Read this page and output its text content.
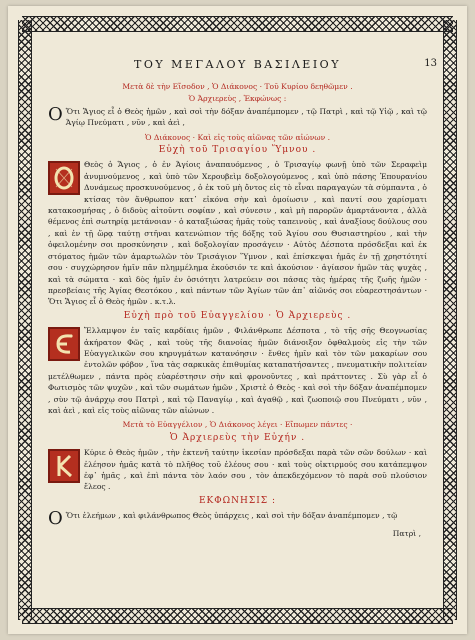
ΤΟΥ ΜΕΓΑΛΟΥ ΒΑΣΙΛΕΙΟΥ	13
Μετὰ δὲ τὴν Εἴσοδον , Ὁ Διάκονος · Τοῦ Κυρίου δεηθῶμεν .
Ὁ Ἀρχιερεὺς , Ἐκφώνως :

O Ὅτι Ἅγιος εἶ ὁ Θεὸς ἡμῶν , καὶ σοὶ τὴν δόξαν ἀναπέμπομεν , τῷ Πατρὶ , καὶ τῷ Υἱῷ , καὶ τῷ Ἁγίῳ Πνεύματι , νῦν , καὶ ἀεὶ ,

Ὁ Διάκονος · Καὶ εἰς τοὺς αἰῶνας τῶν αἰώνων .
Εὐχὴ τοῦ Τρισαγίου Ὕμνου .

Θεὸς ὁ Ἅγιος , ὁ ἐν Ἁγίοις ἀναπαυόμενος , ὁ Τρισαγίῳ φωνῇ ὑπὸ τῶν Σεραφεὶμ ἀνυμνούμενος , καὶ ὑπὸ τῶν Χερουβεὶμ δοξολογούμενος , καὶ ὑπὸ πάσης Ἐπουρανίου Δυνάμεως προσκυνούμενος , ὁ ἐκ τοῦ μὴ ὄντος εἰς τὸ εἶναι παραγαγὼν τὰ σύμπαντα , ὁ κτίσας τὸν ἄνθρωπον κατ᾽ εἰκόνα σὴν καὶ ὁμοίωσιν , καὶ παντί σου χαρίσματι κατακοσμήσας , ὁ διδοὺς αἰτοῦντι σοφίαν , καὶ σύνεσιν , καὶ μὴ παρορῶν ἁμαρτάνοντα , ἀλλὰ θέμενος ἐπὶ σωτηρίᾳ μετάνοιαν · ὁ καταξιώσας ἡμᾶς τοὺς ταπεινοὺς , καὶ ἀναξίους δούλους σου , καὶ ἐν τῇ ὥρᾳ ταύτῃ στῆναι κατενώπιον τῆς δόξης τοῦ Ἁγίου σου Θυσιαστηρίου , καὶ τὴν ὀφειλομένην σοι προσκύνησιν , καὶ δοξολογίαν προσάγειν · Αὐτὸς Δέσποτα πρόσδεξαι καὶ ἐκ στόματος ἡμῶν τῶν ἁμαρτωλῶν τὸν Τρισάγιον Ὕμνον , καὶ ἐπίσκεψαι ἡμᾶς ἐν τῇ χρηστότητί σου · συγχώρησον ἡμῖν πᾶν πλημμέλημα ἑκούσιόν τε καὶ ἀκούσιον · ἁγίασον ἡμῶν τὰς ψυχὰς , καὶ τὰ σώματα · καὶ δὸς ἡμῖν ἐν ὁσιότητι λατρεύειν σοι πάσας τὰς ἡμέρας τῆς ζωῆς ἡμῶν · πρεσβείαις τῆς Ἁγίας Θεοτόκου , καὶ πάντων τῶν Ἁγίων τῶν ἀπ᾽ αἰῶνός σοι εὐαρεστησάντων · Ὅτι Ἅγιος εἶ ὁ Θεὸς ἡμῶν . κ.τ.λ.

Εὐχὴ πρὸ τοῦ Εὐαγγελίου · Ὁ Ἀρχιερεὺς .

Ἔλλαμψον ἐν ταῖς καρδίαις ἡμῶν , Φιλάνθρωπε Δέσποτα , τὸ τῆς σῆς Θεογνωσίας ἀκήρατον Φῶς , καὶ τοὺς τῆς διανοίας ἡμῶν διάνοιξον ὀφθαλμοὺς εἰς τὴν τῶν Εὐαγγελικῶν σου κηρυγμάτων κατανόησιν · ἔνθες ἡμῖν καὶ τὸν τῶν μακαρίων σου ἐντολῶν φόβον , ἵνα τὰς σαρκικὰς ἐπιθυμίας καταπατήσαντες , πνευματικὴν πολιτείαν μετέλθωμεν , πάντα πρὸς εὐαρέστησιν σὴν καὶ φρονοῦντες , καὶ πράττοντες . Σὺ γὰρ εἶ ὁ Φωτισμὸς τῶν ψυχῶν , καὶ τῶν σωμάτων ἡμῶν , Χριστὲ ὁ Θεὸς · καὶ σοὶ τὴν δόξαν ἀναπέμπομεν , σὺν τῷ ἀνάρχῳ σου Πατρὶ , καὶ τῷ Παναγίῳ , καὶ ἀγαθῷ , καὶ ζωοποιῷ σου Πνεύματι , νῦν , καὶ ἀεὶ , καὶ εἰς τοὺς αἰῶνας τῶν αἰώνων .

Μετὰ τὸ Εὐαγγέλιον , Ὁ Διάκονος λέγει · Εἴπωμεν πάντες ·
Ὁ Ἀρχιερεὺς τὴν Εὐχήν .

Κύριε ὁ Θεὸς ἡμῶν , τὴν ἐκτενῆ ταύτην ἱκεσίαν πρόσδεξαι παρὰ τῶν σῶν δούλων · καὶ ἐλέησον ἡμᾶς κατὰ τὸ πλῆθος τοῦ ἐλέους σου · καὶ τοὺς οἰκτιρμούς σου κατάπεμψον ἐφ᾽ ἡμᾶς , καὶ ἐπὶ πάντα τὸν λαόν σου , τὸν ἀπεκδεχόμενον τὸ παρὰ σοῦ πλούσιον ἔλεος .

ΕΚΦΩΝΗΣΙΣ :

O Ὅτι ἐλεήμων , καὶ φιλάνθρωπος Θεὸς ὑπάρχεις , καὶ σοὶ τὴν δόξαν ἀναπέμπομεν , τῷ

Πατρὶ ,
